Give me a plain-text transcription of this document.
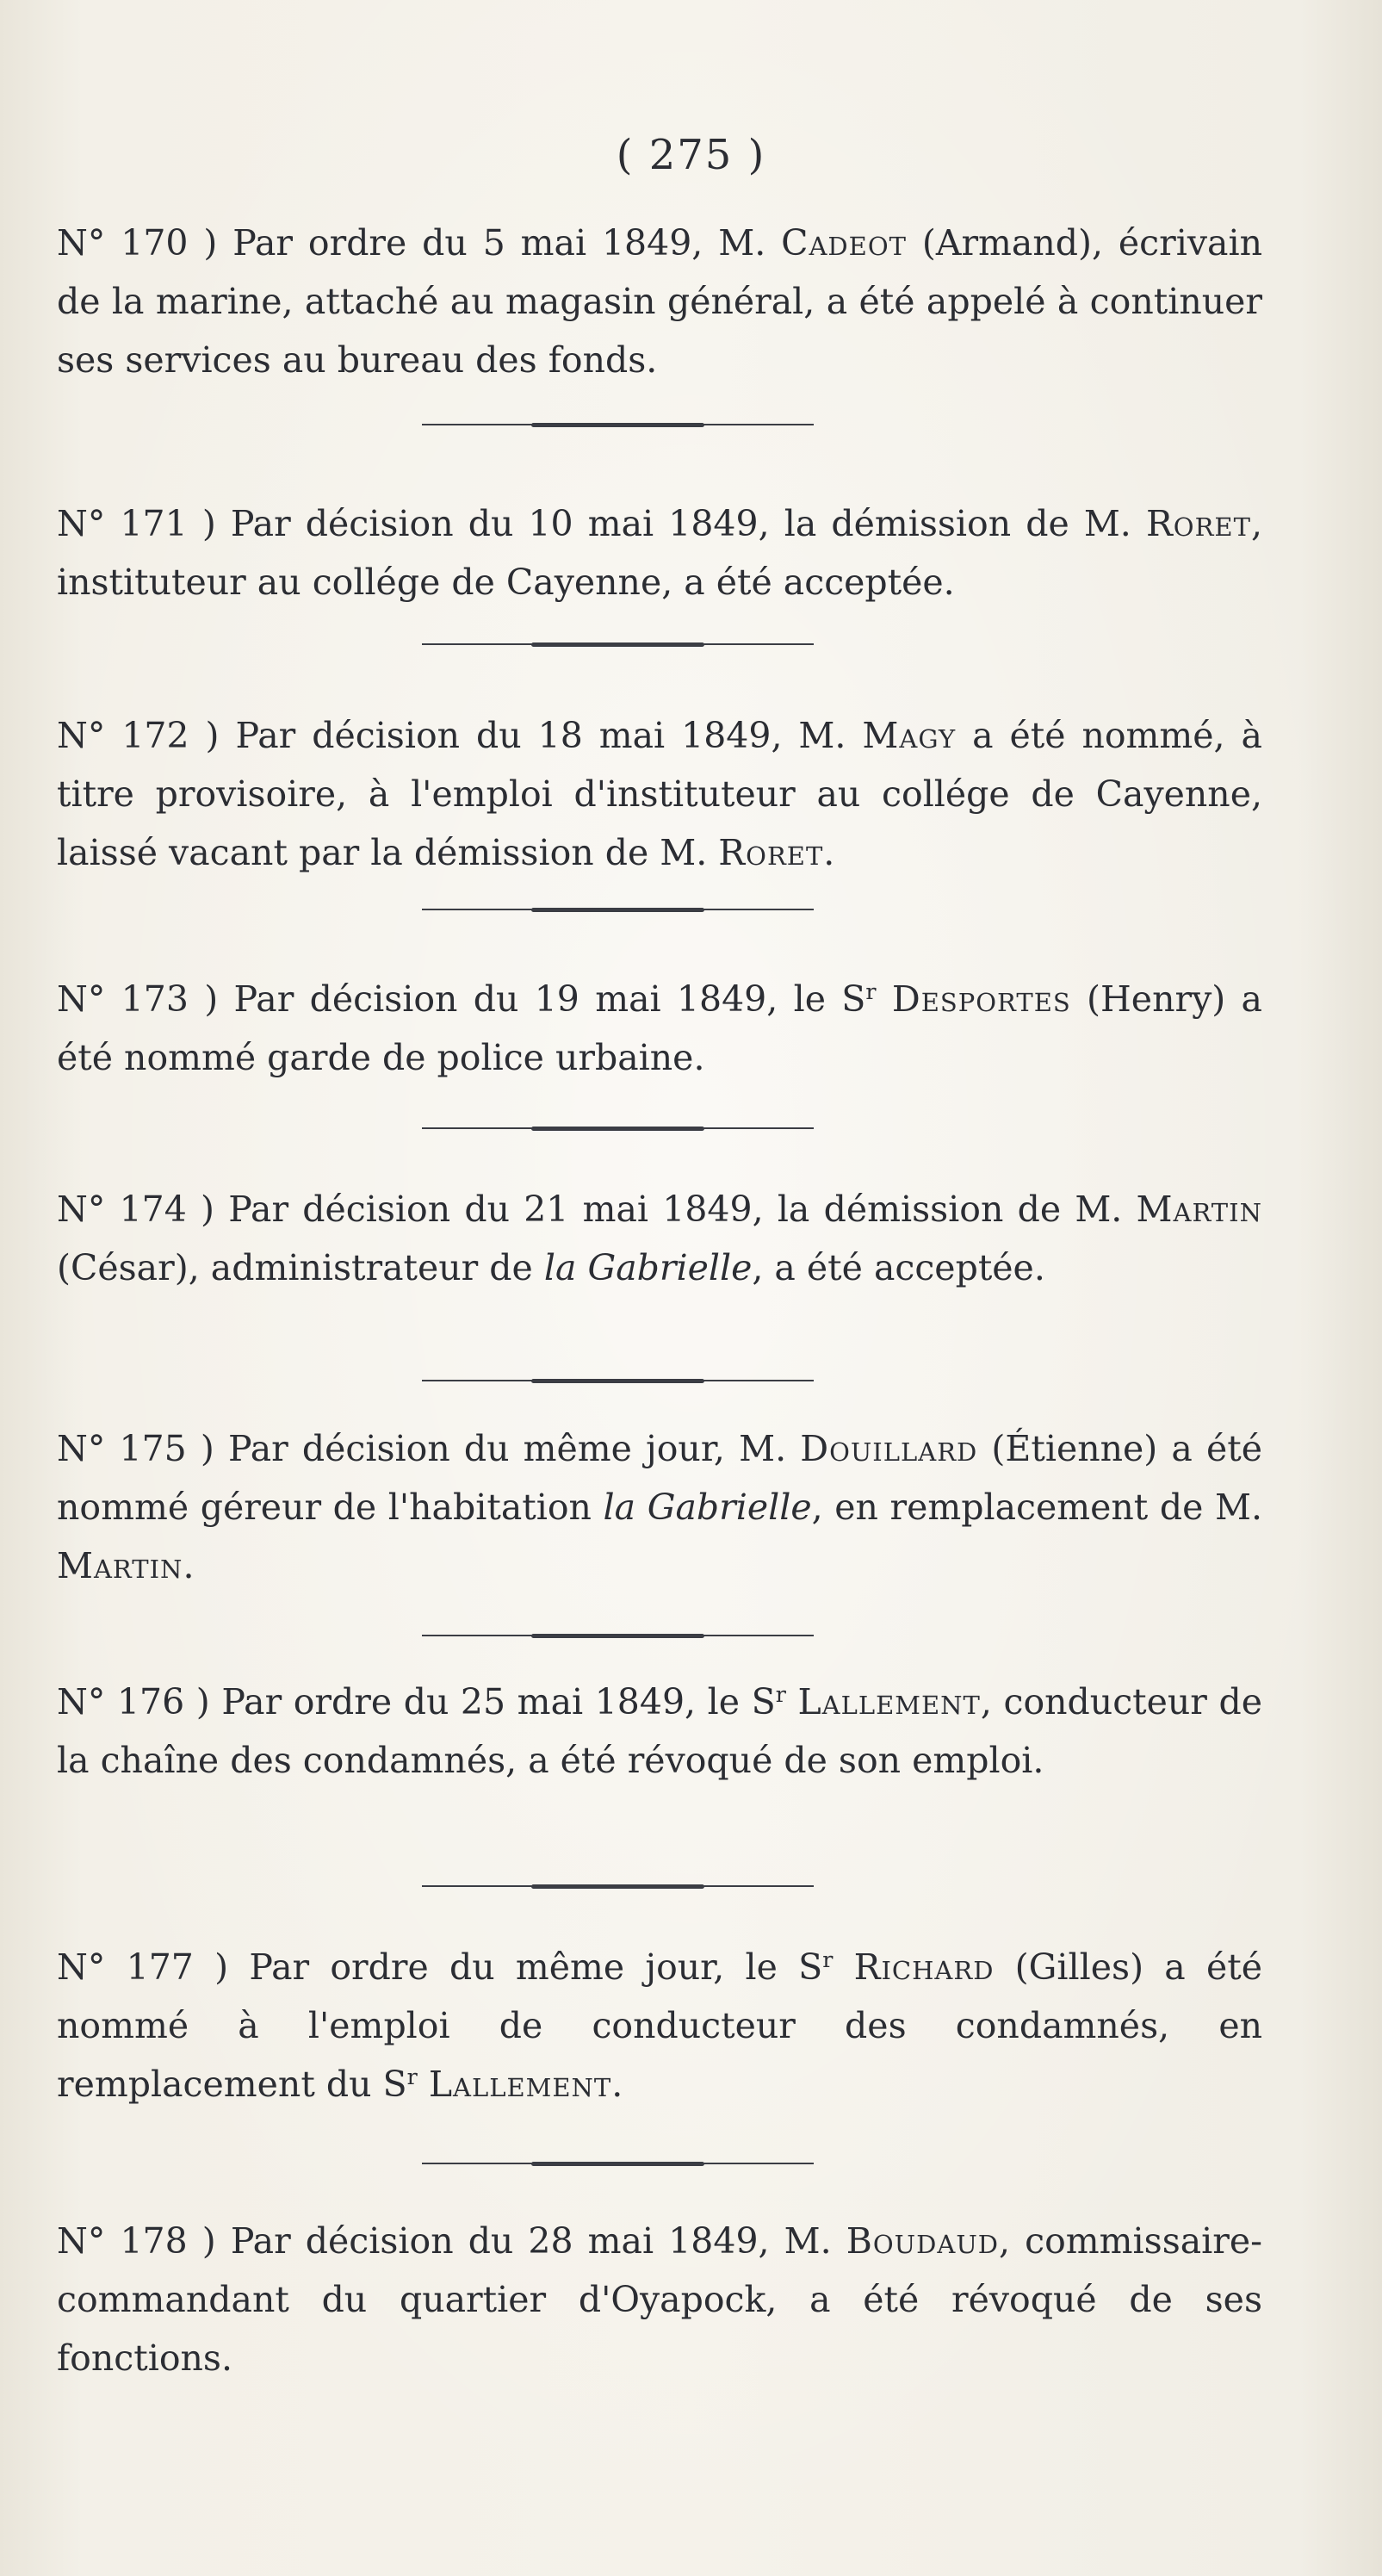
( 275 )

N° 170 ) Par ordre du 5 mai 1849, M. Cadeot (Armand), écrivain de la marine, attaché au magasin général, a été appelé à continuer ses services au bureau des fonds.

N° 171 ) Par décision du 10 mai 1849, la démission de M. Roret, instituteur au collége de Cayenne, a été acceptée.

N° 172 ) Par décision du 18 mai 1849, M. Magy a été nommé, à titre provisoire, à l'emploi d'instituteur au collége de Cayenne, laissé vacant par la démission de M. Roret.

N° 173 ) Par décision du 19 mai 1849, le $S^r$ Desportes (Henry) a été nommé garde de police urbaine.

N° 174 ) Par décision du 21 mai 1849, la démission de M. Martin (César), administrateur de la Gabrielle, a été acceptée.

N° 175 ) Par décision du même jour, M. Douillard (Étienne) a été nommé géreur de l'habitation la Gabrielle, en remplacement de M. Martin.

N° 176 ) Par ordre du 25 mai 1849, le $S^r$ Lallement, conducteur de la chaîne des condamnés, a été révoqué de son emploi.

N° 177 ) Par ordre du même jour, le $S^r$ Richard (Gilles) a été nommé à l'emploi de conducteur des condamnés, en remplacement du $S^r$ Lallement.

N° 178 ) Par décision du 28 mai 1849, M. Boudaud, commissaire-commandant du quartier d'Oyapock, a été révoqué de ses fonctions.
